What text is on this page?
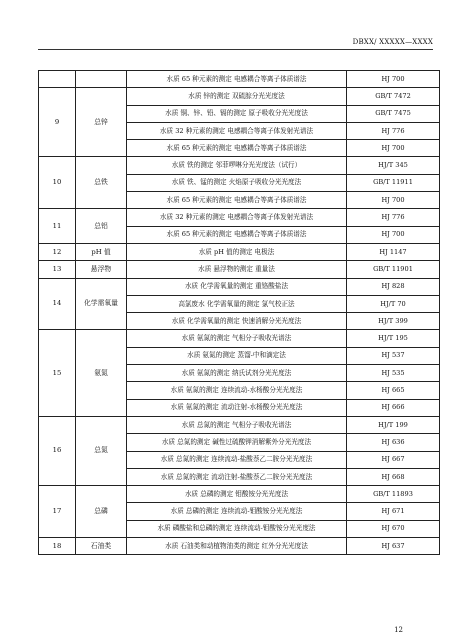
DBXX/ XXXXX—XXXX
		水质 65 种元素的测定 电感耦合等离子体质谱法	HJ 700
9	总锌	水质 锌的测定 双硫腙分光光度法	GB/T 7472
		水质 铜、锌、铅、镉的测定 原子吸收分光光度法	GB/T 7475
		水质 32 种元素的测定 电感耦合等离子体发射光谱法	HJ 776
		水质 65 种元素的测定 电感耦合等离子体质谱法	HJ 700
10	总铁	水质 铁的测定 邻菲啰啉分光光度法（试行）	HJ/T 345
		水质 铁、锰的测定 火焰原子吸收分光光度法	GB/T 11911
		水质 65 种元素的测定 电感耦合等离子体质谱法	HJ 700
11	总铝	水质 32 种元素的测定 电感耦合等离子体发射光谱法	HJ 776
		水质 65 种元素的测定 电感耦合等离子体质谱法	HJ 700
12	pH 值	水质 pH 值的测定 电极法	HJ 1147
13	悬浮物	水质 悬浮物的测定 重量法	GB/T 11901
14	化学需氧量	水质 化学需氧量的测定 重铬酸盐法	HJ 828
		高氯废水 化学需氧量的测定 氯气校正法	HJ/T 70
		水质 化学需氧量的测定 快速消解分光光度法	HJ/T 399
15	氨氮	水质 氨氮的测定 气相分子吸收光谱法	HJ/T 195
		水质 氨氮的测定 蒸馏-中和滴定法	HJ 537
		水质 氨氮的测定 纳氏试剂分光光度法	HJ 535
		水质 氨氮的测定 连续流动-水杨酸分光光度法	HJ 665
		水质 氨氮的测定 流动注射-水杨酸分光光度法	HJ 666
16	总氮	水质 总氮的测定 气相分子吸收光谱法	HJ/T 199
		水质 总氮的测定 碱性过硫酸钾消解紫外分光光度法	HJ 636
		水质 总氮的测定 连续流动-盐酸萘乙二胺分光光度法	HJ 667
		水质 总氮的测定 流动注射-盐酸萘乙二胺分光光度法	HJ 668
17	总磷	水质 总磷的测定 钼酸铵分光光度法	GB/T 11893
		水质 总磷的测定 连续流动-钼酸铵分光光度法	HJ 671
		水质 磷酸盐和总磷的测定 连续流动-钼酸铵分光光度法	HJ 670
18	石油类	水质 石油类和动植物油类的测定 红外分光光度法	HJ 637
12
